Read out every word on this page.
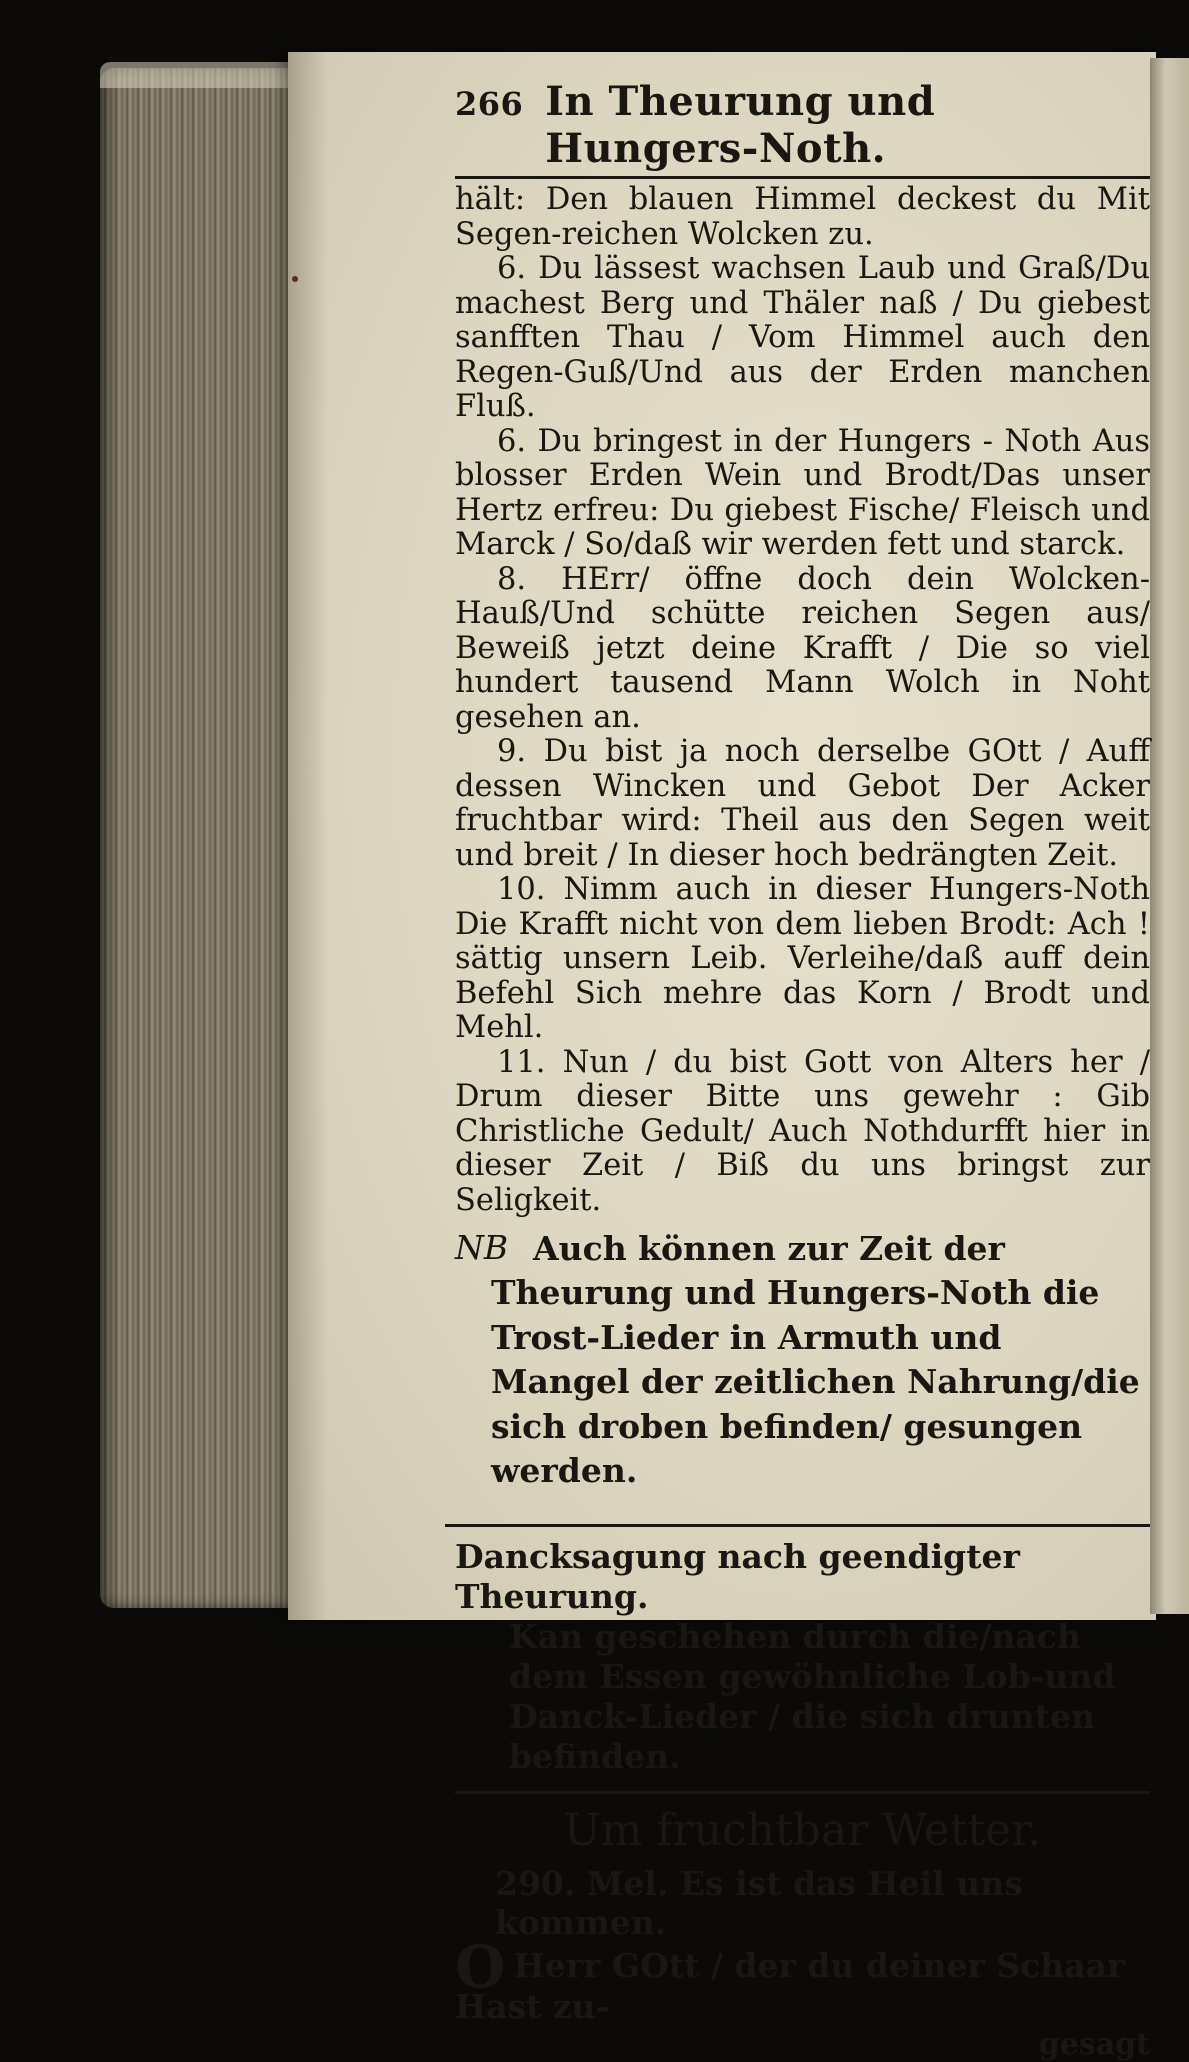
266 In Theurung und Hungers-Noth.

hält: Den blauen Himmel deckest du Mit Segen-reichen Wolcken zu.

6. Du lässest wachsen Laub und Graß/Du machest Berg und Thäler naß / Du giebest sanfften Thau / Vom Himmel auch den Regen-Guß/Und aus der Erden manchen Fluß.

6. Du bringest in der Hungers - Noth Aus blosser Erden Wein und Brodt/Das unser Hertz erfreu: Du giebest Fische/ Fleisch und Marck / So/daß wir werden fett und starck.

8. HErr/ öffne doch dein Wolcken-Hauß/Und schütte reichen Segen aus/ Beweiß jetzt deine Krafft / Die so viel hundert tausend Mann Wolch in Noht gesehen an.

9. Du bist ja noch derselbe GOtt / Auff dessen Wincken und Gebot Der Acker fruchtbar wird: Theil aus den Segen weit und breit / In dieser hoch bedrängten Zeit.

10. Nimm auch in dieser Hungers-Noth Die Krafft nicht von dem lieben Brodt: Ach ! sättig unsern Leib. Verleihe/daß auff dein Befehl Sich mehre das Korn / Brodt und Mehl.

11. Nun / du bist Gott von Alters her / Drum dieser Bitte uns gewehr : Gib Christliche Gedult/ Auch Nothdurfft hier in dieser Zeit / Biß du uns bringst zur Seligkeit.

NB Auch können zur Zeit der Theurung und Hungers-Noth die Trost-Lieder in Armuth und Mangel der zeitlichen Nahrung/die sich droben befinden/ gesungen werden.
Dancksagung nach geendigter Theurung.
Kan geschehen durch die/nach dem Essen gewöhnliche Lob-und Danck-Lieder / die sich drunten befinden.
Um fruchtbar Wetter.
290. Mel. Es ist das Heil uns kommen.
O Herr GOtt / der du deiner Schaar Hast zu-
gesagt
